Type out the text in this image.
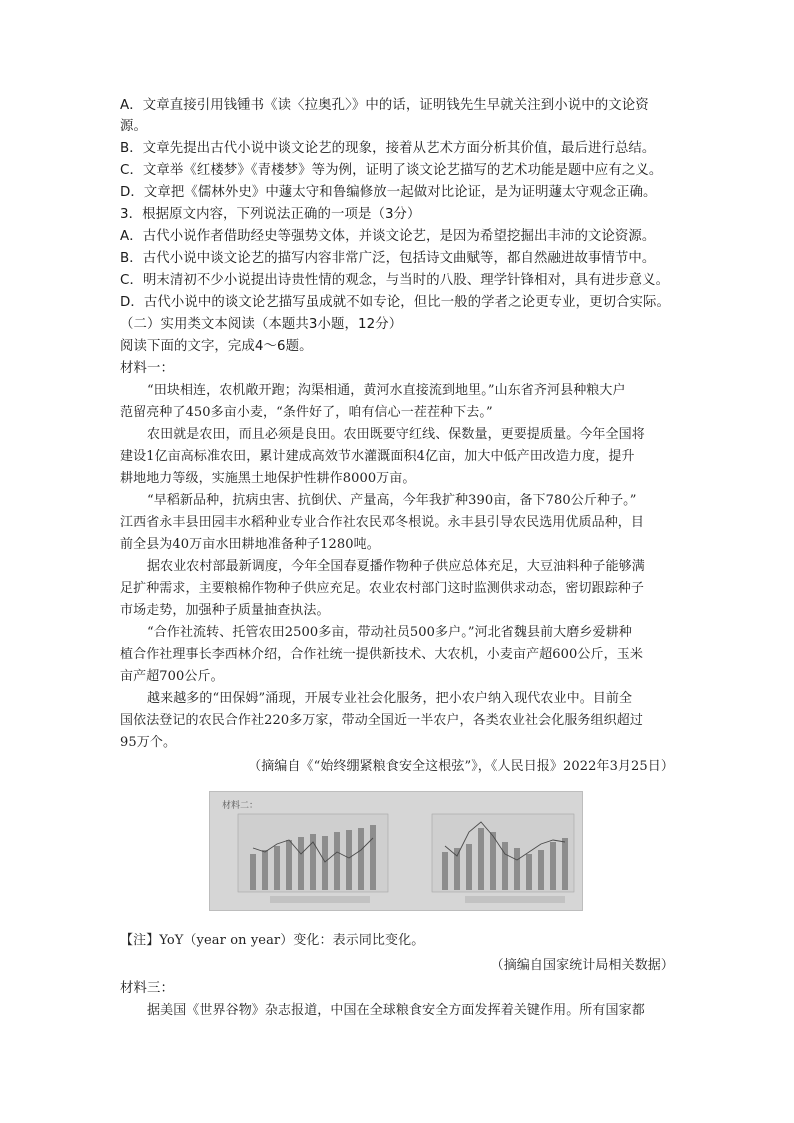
A．文章直接引用钱锺书《读〈拉奥孔〉》中的话，证明钱先生早就关注到小说中的文论资
源。
B．文章先提出古代小说中谈文论艺的现象，接着从艺术方面分析其价值，最后进行总结。
C．文章举《红楼梦》《青楼梦》等为例，证明了谈文论艺描写的艺术功能是题中应有之义。
D．文章把《儒林外史》中蘧太守和鲁编修放一起做对比论证，是为证明蘧太守观念正确。
3．根据原文内容，下列说法正确的一项是（3分）
A．古代小说作者借助经史等强势文体，并谈文论艺，是因为希望挖掘出丰沛的文论资源。
B．古代小说中谈文论艺的描写内容非常广泛，包括诗文曲赋等，都自然融进故事情节中。
C．明末清初不少小说提出诗贵性情的观念，与当时的八股、理学针锋相对，具有进步意义。
D．古代小说中的谈文论艺描写虽成就不如专论，但比一般的学者之论更专业，更切合实际。
（二）实用类文本阅读（本题共3小题，12分）
阅读下面的文字，完成4～6题。
材料一：
“田块相连，农机敞开跑；沟渠相通，黄河水直接流到地里。”山东省齐河县种粮大户
范留亮种了450多亩小麦，“条件好了，咱有信心一茬茬种下去。”
农田就是农田，而且必须是良田。农田既要守红线、保数量，更要提质量。今年全国将
建设1亿亩高标准农田，累计建成高效节水灌溉面积4亿亩，加大中低产田改造力度，提升
耕地地力等级，实施黑土地保护性耕作8000万亩。
“早稻新品种，抗病虫害、抗倒伏、产量高，今年我扩种390亩，备下780公斤种子。”
江西省永丰县田园丰水稻种业专业合作社农民邓冬根说。永丰县引导农民选用优质品种，目
前全县为40万亩水田耕地准备种子1280吨。
据农业农村部最新调度，今年全国春夏播作物种子供应总体充足，大豆油料种子能够满
足扩种需求，主要粮棉作物种子供应充足。农业农村部门这时监测供求动态，密切跟踪种子
市场走势，加强种子质量抽查执法。
“合作社流转、托管农田2500多亩，带动社员500多户。”河北省魏县前大磨乡爱耕种
植合作社理事长李西林介绍，合作社统一提供新技术、大农机，小麦亩产超600公斤，玉米
亩产超700公斤。
越来越多的“田保姆”涌现，开展专业社会化服务，把小农户纳入现代农业中。目前全
国依法登记的农民合作社220多万家，带动全国近一半农户，各类农业社会化服务组织超过
95万个。
（摘编自《“始终绷紧粮食安全这根弦”》，《人民日报》2022年3月25日）
材料二：
【注】YoY（year on year）变化：表示同比变化。
（摘编自国家统计局相关数据）
材料三：
据美国《世界谷物》杂志报道，中国在全球粮食安全方面发挥着关键作用。所有国家都
